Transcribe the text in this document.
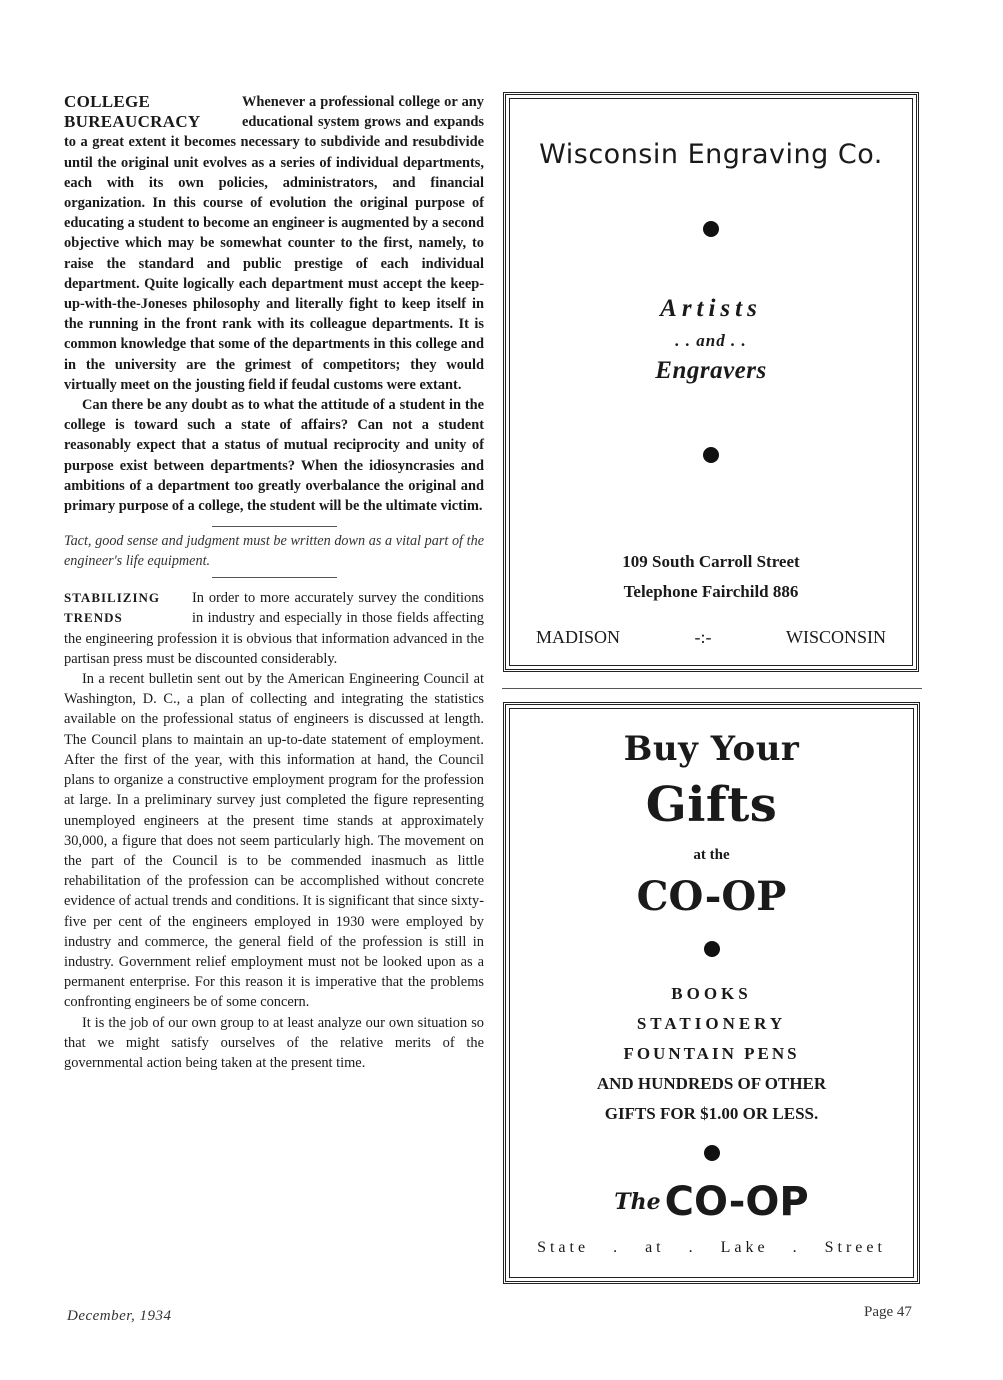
COLLEGE
BUREAUCRACY

Whenever a professional college or any educational system grows and expands to a great extent it becomes necessary to subdivide and resubdivide until the original unit evolves as a series of individual departments, each with its own policies, administrators, and financial organization. In this course of evolution the original purpose of educating a student to become an engineer is augmented by a second objective which may be somewhat counter to the first, namely, to raise the standard and public prestige of each individual department. Quite logically each department must accept the keep-up-with-the-Joneses philosophy and literally fight to keep itself in the running in the front rank with its colleague departments. It is common knowledge that some of the departments in this college and in the university are the grimest of competitors; they would virtually meet on the jousting field if feudal customs were extant.

Can there be any doubt as to what the attitude of a student in the college is toward such a state of affairs? Can not a student reasonably expect that a status of mutual reciprocity and unity of purpose exist between departments? When the idiosyncrasies and ambitions of a department too greatly overbalance the original and primary purpose of a college, the student will be the ultimate victim.

Tact, good sense and judgment must be written down as a vital part of the engineer's life equipment.

STABILIZING
TRENDS

In order to more accurately survey the conditions in industry and especially in those fields affecting the engineering profession it is obvious that information advanced in the partisan press must be discounted considerably.

In a recent bulletin sent out by the American Engineering Council at Washington, D. C., a plan of collecting and integrating the statistics available on the professional status of engineers is discussed at length. The Council plans to maintain an up-to-date statement of employment. After the first of the year, with this information at hand, the Council plans to organize a constructive employment program for the profession at large. In a preliminary survey just completed the figure representing unemployed engineers at the present time stands at approximately 30,000, a figure that does not seem particularly high. The movement on the part of the Council is to be commended inasmuch as little rehabilitation of the profession can be accomplished without concrete evidence of actual trends and conditions. It is significant that since sixty-five per cent of the engineers employed in 1930 were employed by industry and commerce, the general field of the profession is still in industry. Government relief employment must not be looked upon as a permanent enterprise. For this reason it is imperative that the problems confronting engineers be of some concern.

It is the job of our own group to at least analyze our own situation so that we might satisfy ourselves of the relative merits of the governmental action being taken at the present time.

Wisconsin Engraving Co.
Artists
. . and . .
Engravers
109 South Carroll Street
Telephone Fairchild 886
MADISON	-:-	WISCONSIN
Buy Your
Gifts
at the
CO-OP
BOOKS
STATIONERY
FOUNTAIN PENS
AND HUNDREDS OF OTHER
GIFTS FOR $1.00 OR LESS.
The CO-OP
State . at . Lake . Street
December, 1934	Page 47
